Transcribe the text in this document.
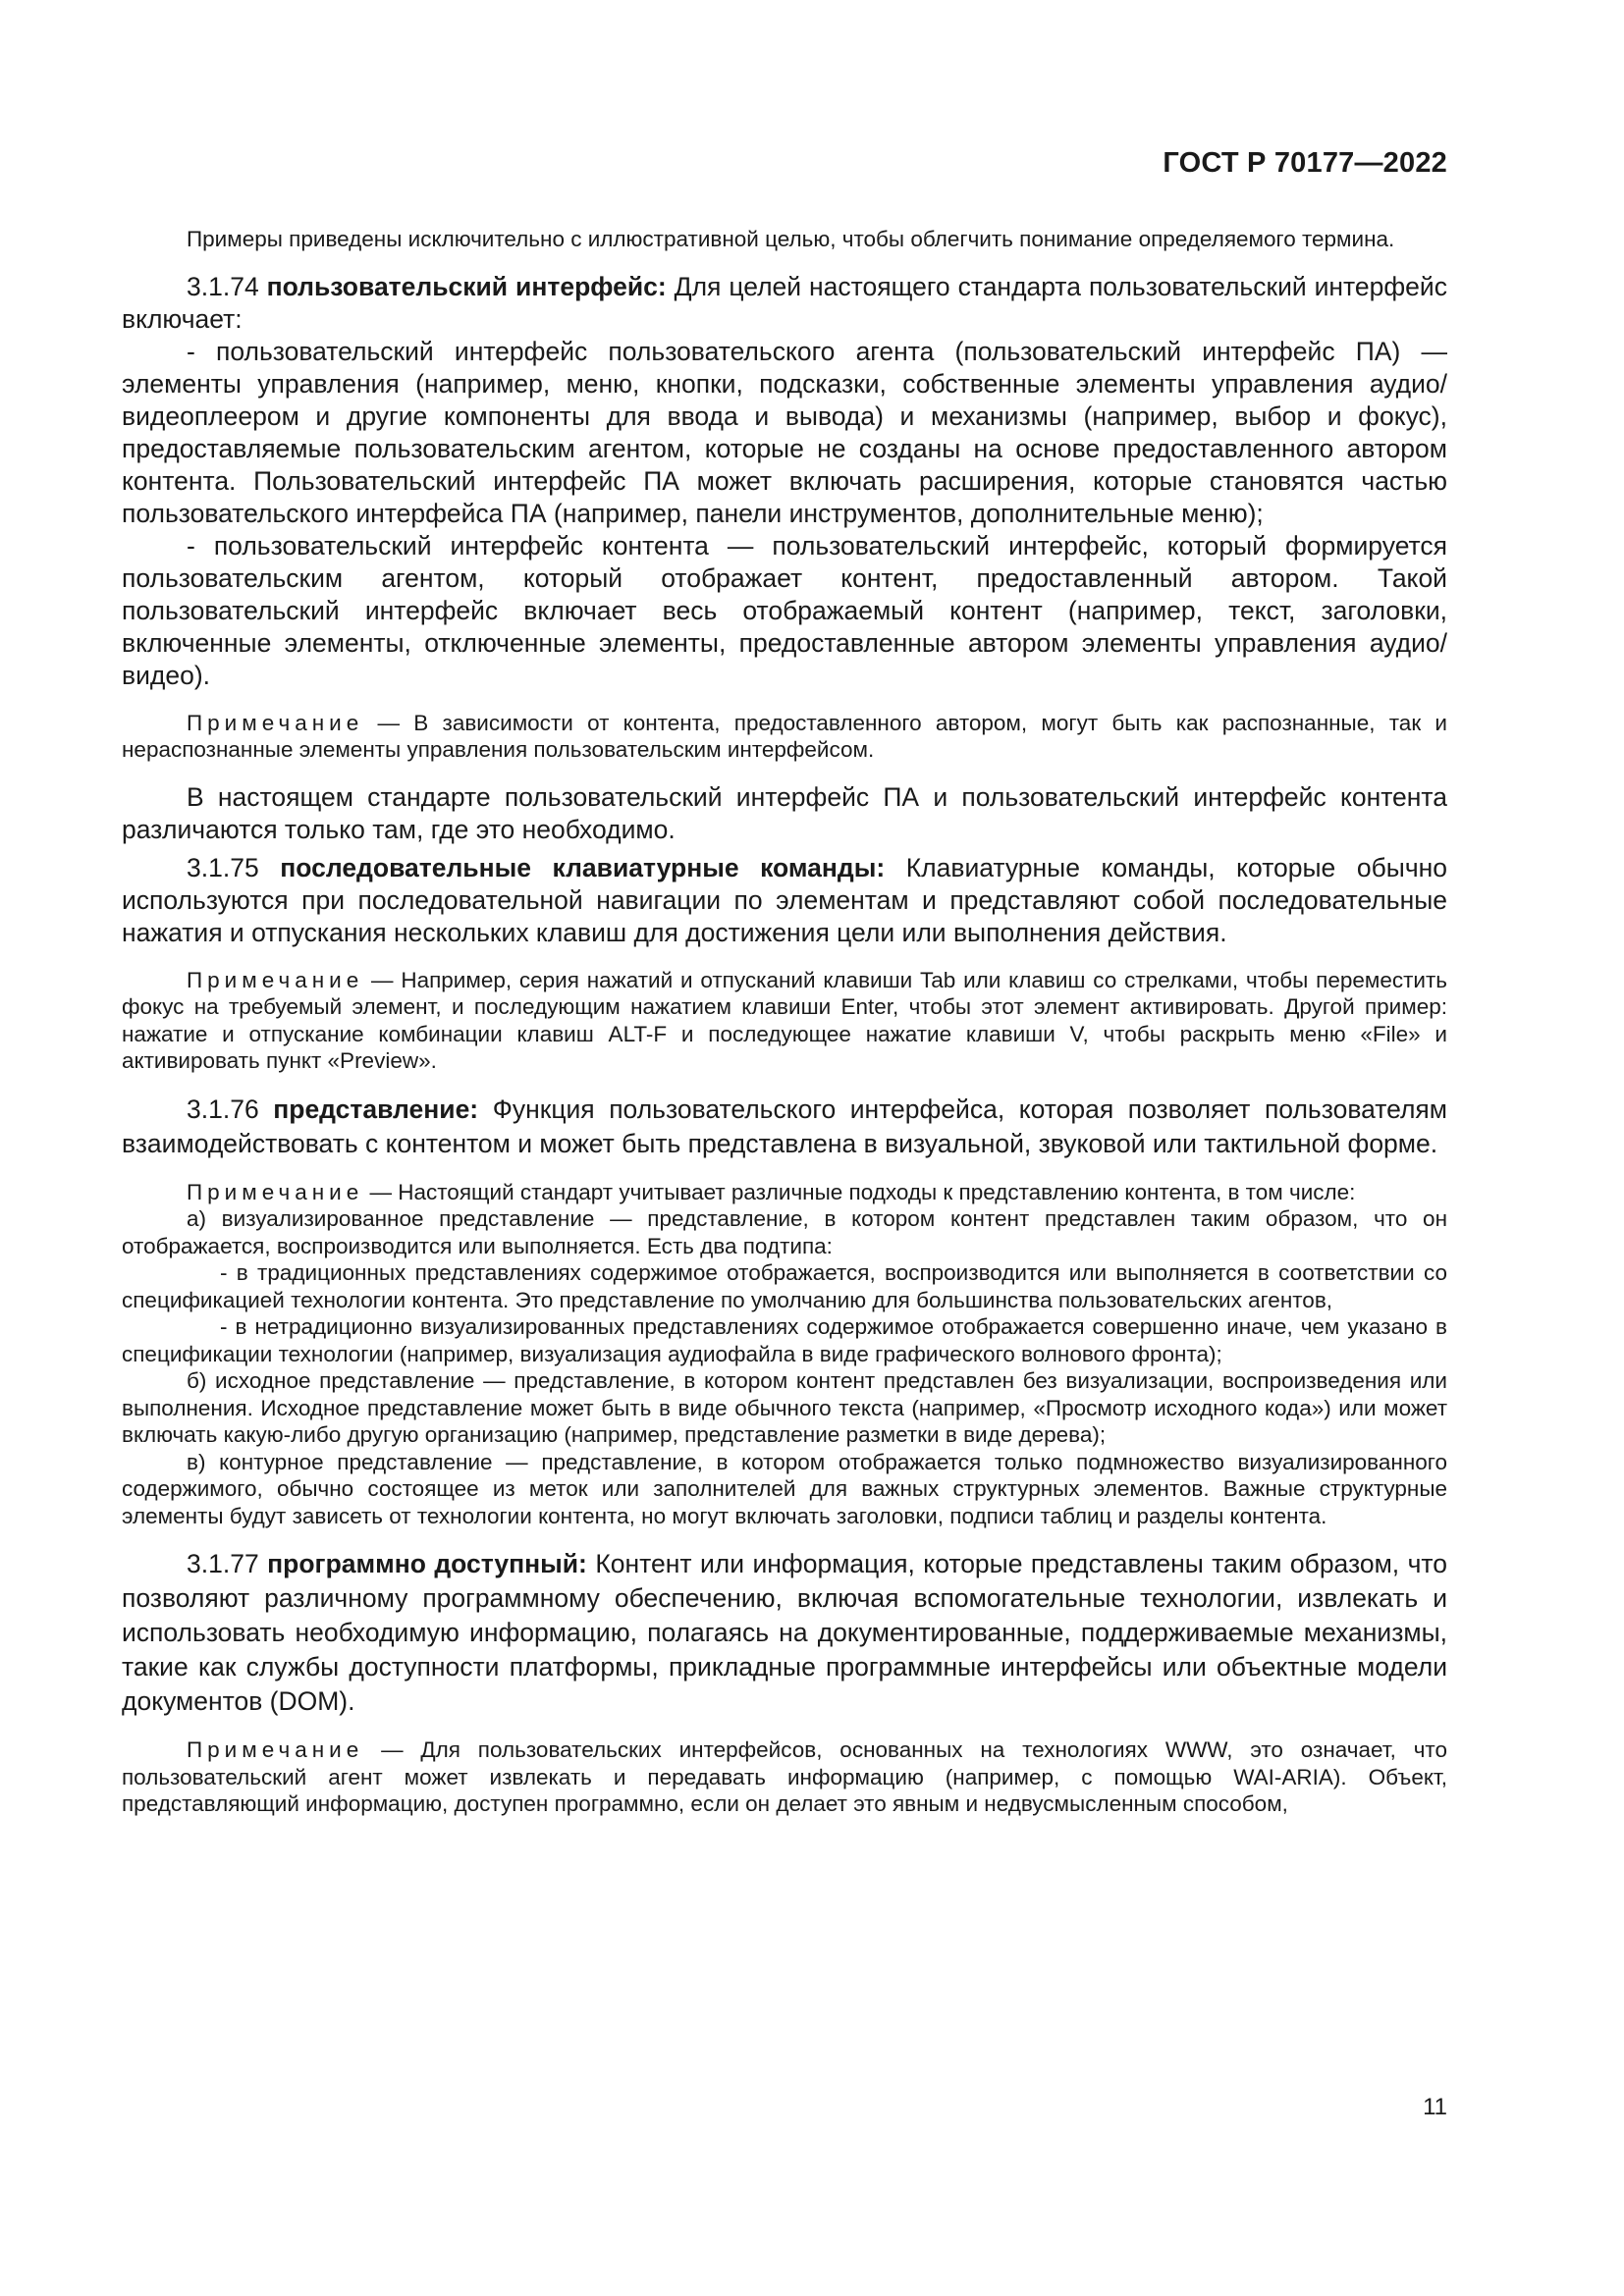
ГОСТ Р 70177—2022

Примеры приведены исключительно с иллюстративной целью, чтобы облегчить понимание определяемого термина.

3.1.74 пользовательский интерфейс: Для целей настоящего стандарта пользовательский интерфейс включает:

- пользовательский интерфейс пользовательского агента (пользовательский интерфейс ПА) — элементы управления (например, меню, кнопки, подсказки, собственные элементы управления аудио/видеоплеером и другие компоненты для ввода и вывода) и механизмы (например, выбор и фокус), предоставляемые пользовательским агентом, которые не созданы на основе предоставленного автором контента. Пользовательский интерфейс ПА может включать расширения, которые становятся частью пользовательского интерфейса ПА (например, панели инструментов, дополнительные меню);

- пользовательский интерфейс контента — пользовательский интерфейс, который формируется пользовательским агентом, который отображает контент, предоставленный автором. Такой пользовательский интерфейс включает весь отображаемый контент (например, текст, заголовки, включенные элементы, отключенные элементы, предоставленные автором элементы управления аудио/видео).

Примечание — В зависимости от контента, предоставленного автором, могут быть как распознанные, так и нераспознанные элементы управления пользовательским интерфейсом.

В настоящем стандарте пользовательский интерфейс ПА и пользовательский интерфейс контента различаются только там, где это необходимо.

3.1.75 последовательные клавиатурные команды: Клавиатурные команды, которые обычно используются при последовательной навигации по элементам и представляют собой последовательные нажатия и отпускания нескольких клавиш для достижения цели или выполнения действия.

Примечание — Например, серия нажатий и отпусканий клавиши Tab или клавиш со стрелками, чтобы переместить фокус на требуемый элемент, и последующим нажатием клавиши Enter, чтобы этот элемент активировать. Другой пример: нажатие и отпускание комбинации клавиш ALT-F и последующее нажатие клавиши V, чтобы раскрыть меню «File» и активировать пункт «Preview».

3.1.76 представление: Функция пользовательского интерфейса, которая позволяет пользователям взаимодействовать с контентом и может быть представлена в визуальной, звуковой или тактильной форме.

Примечание — Настоящий стандарт учитывает различные подходы к представлению контента, в том числе:

а) визуализированное представление — представление, в котором контент представлен таким образом, что он отображается, воспроизводится или выполняется. Есть два подтипа:

- в традиционных представлениях содержимое отображается, воспроизводится или выполняется в соответствии со спецификацией технологии контента. Это представление по умолчанию для большинства пользовательских агентов,

- в нетрадиционно визуализированных представлениях содержимое отображается совершенно иначе, чем указано в спецификации технологии (например, визуализация аудиофайла в виде графического волнового фронта);

б) исходное представление — представление, в котором контент представлен без визуализации, воспроизведения или выполнения. Исходное представление может быть в виде обычного текста (например, «Просмотр исходного кода») или может включать какую-либо другую организацию (например, представление разметки в виде дерева);

в) контурное представление — представление, в котором отображается только подмножество визуализированного содержимого, обычно состоящее из меток или заполнителей для важных структурных элементов. Важные структурные элементы будут зависеть от технологии контента, но могут включать заголовки, подписи таблиц и разделы контента.

3.1.77 программно доступный: Контент или информация, которые представлены таким образом, что позволяют различному программному обеспечению, включая вспомогательные технологии, извлекать и использовать необходимую информацию, полагаясь на документированные, поддерживаемые механизмы, такие как службы доступности платформы, прикладные программные интерфейсы или объектные модели документов (DOM).

Примечание — Для пользовательских интерфейсов, основанных на технологиях WWW, это означает, что пользовательский агент может извлекать и передавать информацию (например, с помощью WAI-ARIA). Объект, представляющий информацию, доступен программно, если он делает это явным и недвусмысленным способом,

11
